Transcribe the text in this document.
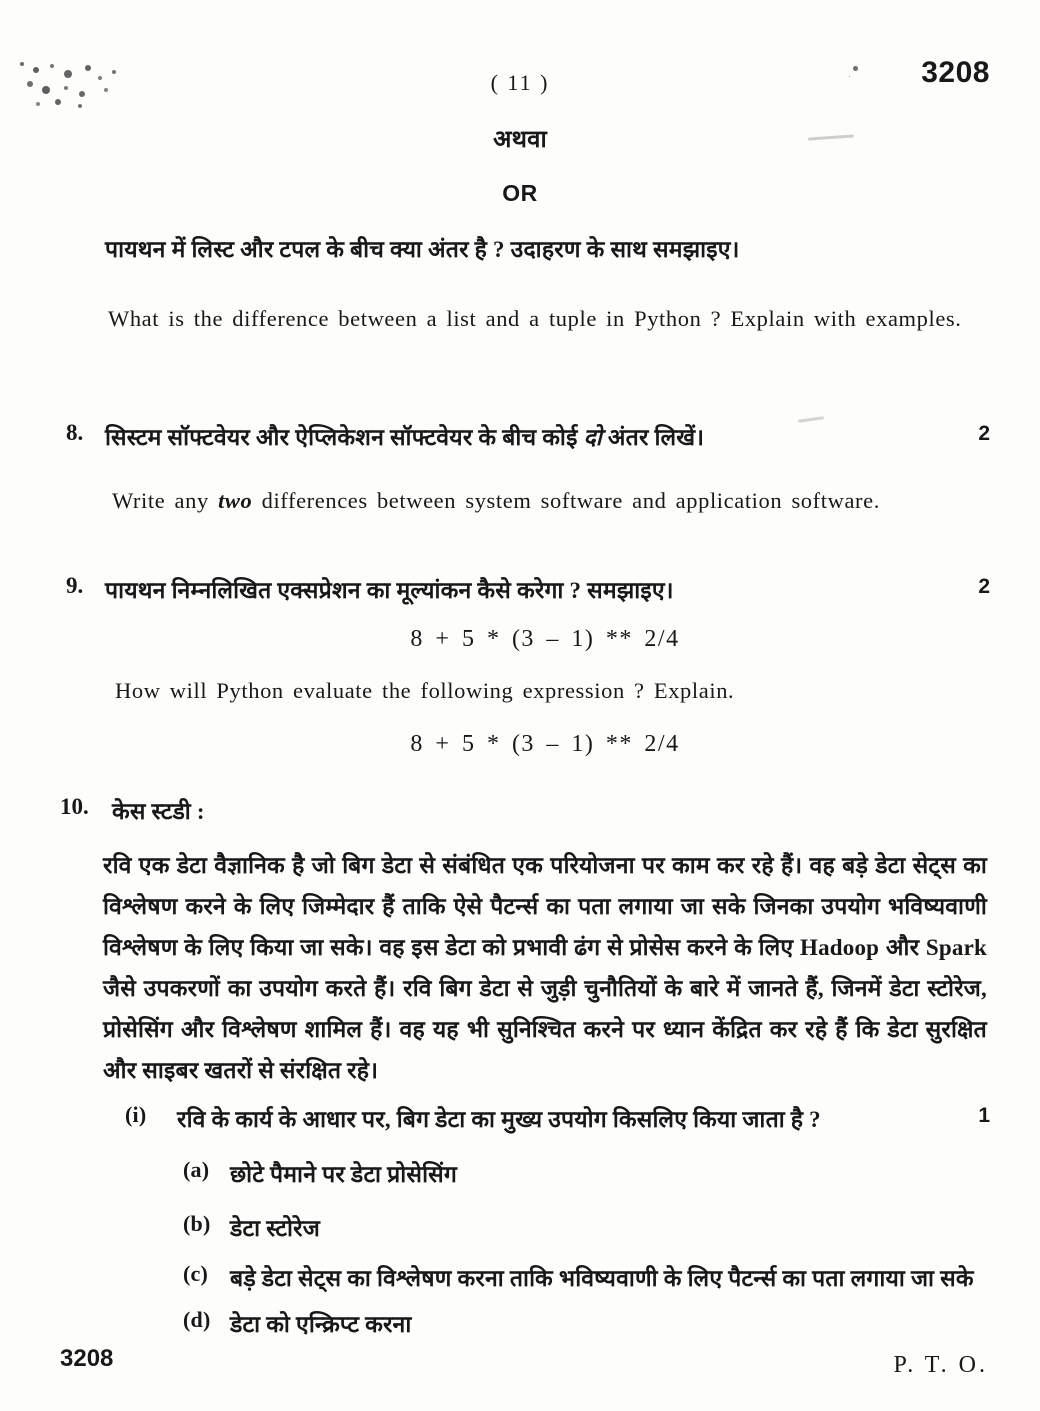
( 11 )	3208
अथवा
OR
पायथन में लिस्ट और टपल के बीच क्या अंतर है ? उदाहरण के साथ समझाइए।
What is the difference between a list and a tuple in Python ? Explain with examples.
8. सिस्टम सॉफ्टवेयर और ऐप्लिकेशन सॉफ्टवेयर के बीच कोई दो अंतर लिखें।	2
Write any two differences between system software and application software.
9. पायथन निम्नलिखित एक्सप्रेशन का मूल्यांकन कैसे करेगा ? समझाइए।	2
8 + 5 * (3 – 1) ** 2/4
How will Python evaluate the following expression ? Explain.
8 + 5 * (3 – 1) ** 2/4
10.	केस स्टडी :
रवि एक डेटा वैज्ञानिक है जो बिग डेटा से संबंधित एक परियोजना पर काम कर रहे हैं। वह बड़े डेटा सेट्स का विश्लेषण करने के लिए जिम्मेदार हैं ताकि ऐसे पैटर्न्स का पता लगाया जा सके जिनका उपयोग भविष्यवाणी विश्लेषण के लिए किया जा सके। वह इस डेटा को प्रभावी ढंग से प्रोसेस करने के लिए Hadoop और Spark जैसे उपकरणों का उपयोग करते हैं। रवि बिग डेटा से जुड़ी चुनौतियों के बारे में जानते हैं, जिनमें डेटा स्टोरेज, प्रोसेसिंग और विश्लेषण शामिल हैं। वह यह भी सुनिश्चित करने पर ध्यान केंद्रित कर रहे हैं कि डेटा सुरक्षित और साइबर खतरों से संरक्षित रहे।
(i) रवि के कार्य के आधार पर, बिग डेटा का मुख्य उपयोग किसलिए किया जाता है ?	1
(a) छोटे पैमाने पर डेटा प्रोसेसिंग
(b) डेटा स्टोरेज
(c) बड़े डेटा सेट्स का विश्लेषण करना ताकि भविष्यवाणी के लिए पैटर्न्स का पता लगाया जा सके
(d) डेटा को एन्क्रिप्ट करना
3208	P. T. O.
